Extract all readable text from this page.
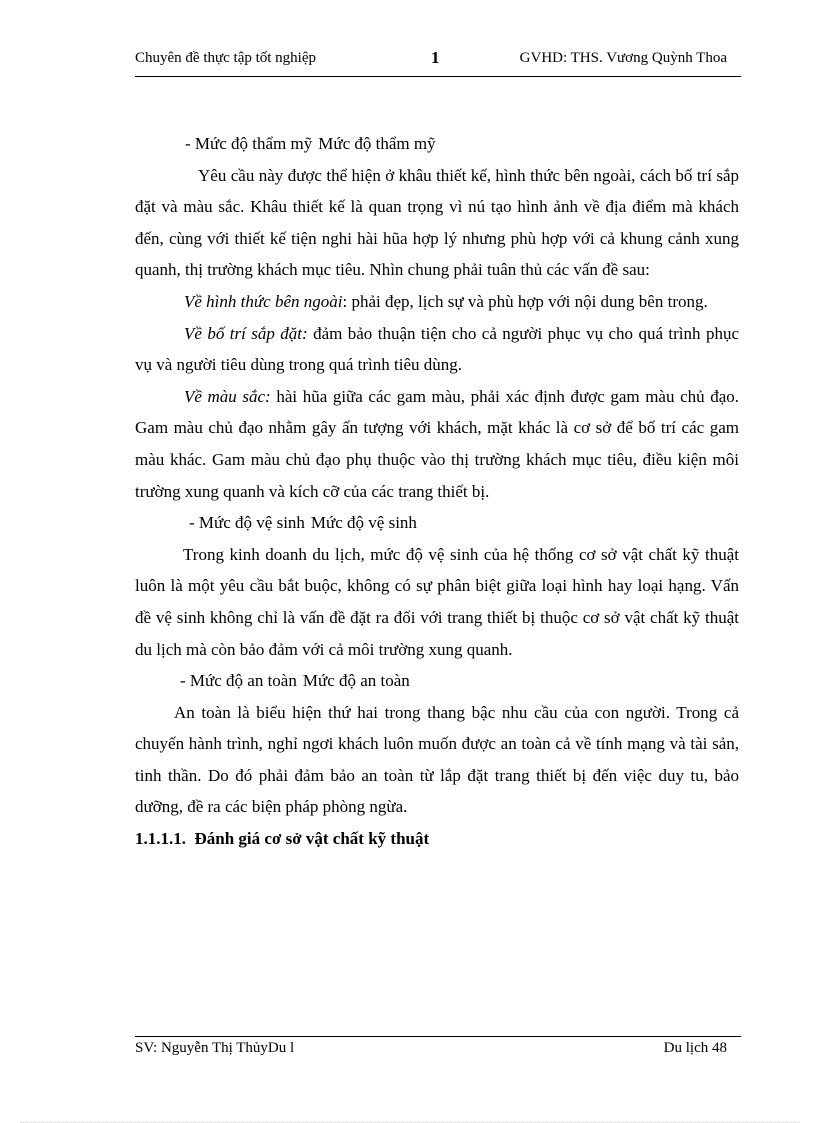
Chuyên đề thực tập tốt nghiệp	1	GVHD: THS. Vương Quỳnh Thoa

- Mức độ thẩm mỹ Mức độ thẩm mỹ

Yêu cầu này được thể hiện ở khâu thiết kế, hình thức bên ngoài, cách bố trí sắp đặt và màu sắc. Khâu thiết kế là quan trọng vì nú tạo hình ảnh về địa điểm mà khách đến, cùng với thiết kế tiện nghi hài hũa hợp lý nhưng phù hợp với cả khung cảnh xung quanh, thị trường khách mục tiêu. Nhìn chung phải tuân thủ các vấn đề sau:

Về hình thức bên ngoài: phải đẹp, lịch sự và phù hợp với nội dung bên trong.

Về bố trí sắp đặt: đảm bảo thuận tiện cho cả người phục vụ cho quá trình phục vụ và người tiêu dùng trong quá trình tiêu dùng.

Về màu sắc: hài hũa giữa các gam màu, phải xác định được gam màu chủ đạo. Gam màu chủ đạo nhằm gây ấn tượng với khách, mặt khác là cơ sở để bố trí các gam màu khác. Gam màu chủ đạo phụ thuộc vào thị trường khách mục tiêu, điều kiện môi trường xung quanh và kích cỡ của các trang thiết bị.

- Mức độ vệ sinh Mức độ vệ sinh

Trong kinh doanh du lịch, mức độ vệ sinh của hệ thống cơ sở vật chất kỹ thuật luôn là một yêu cầu bắt buộc, không có sự phân biệt giữa loại hình hay loại hạng. Vấn đề vệ sinh không chỉ là vấn đề đặt ra đối với trang thiết bị thuộc cơ sở vật chất kỹ thuật du lịch mà còn bảo đảm với cả môi trường xung quanh.

- Mức độ an toàn Mức độ an toàn

An toàn là biểu hiện thứ hai trong thang bậc nhu cầu của con người. Trong cả chuyến hành trình, nghỉ ngơi khách luôn muốn được an toàn cả về tính mạng và tài sản, tinh thần. Do đó phải đảm bảo an toàn từ lắp đặt trang thiết bị đến việc duy tu, bảo dưỡng, đề ra các biện pháp phòng ngừa.

1.1.1.1. Đánh giá cơ sở vật chất kỹ thuật

SV: Nguyễn Thị ThủyDu l	Du lịch 48
